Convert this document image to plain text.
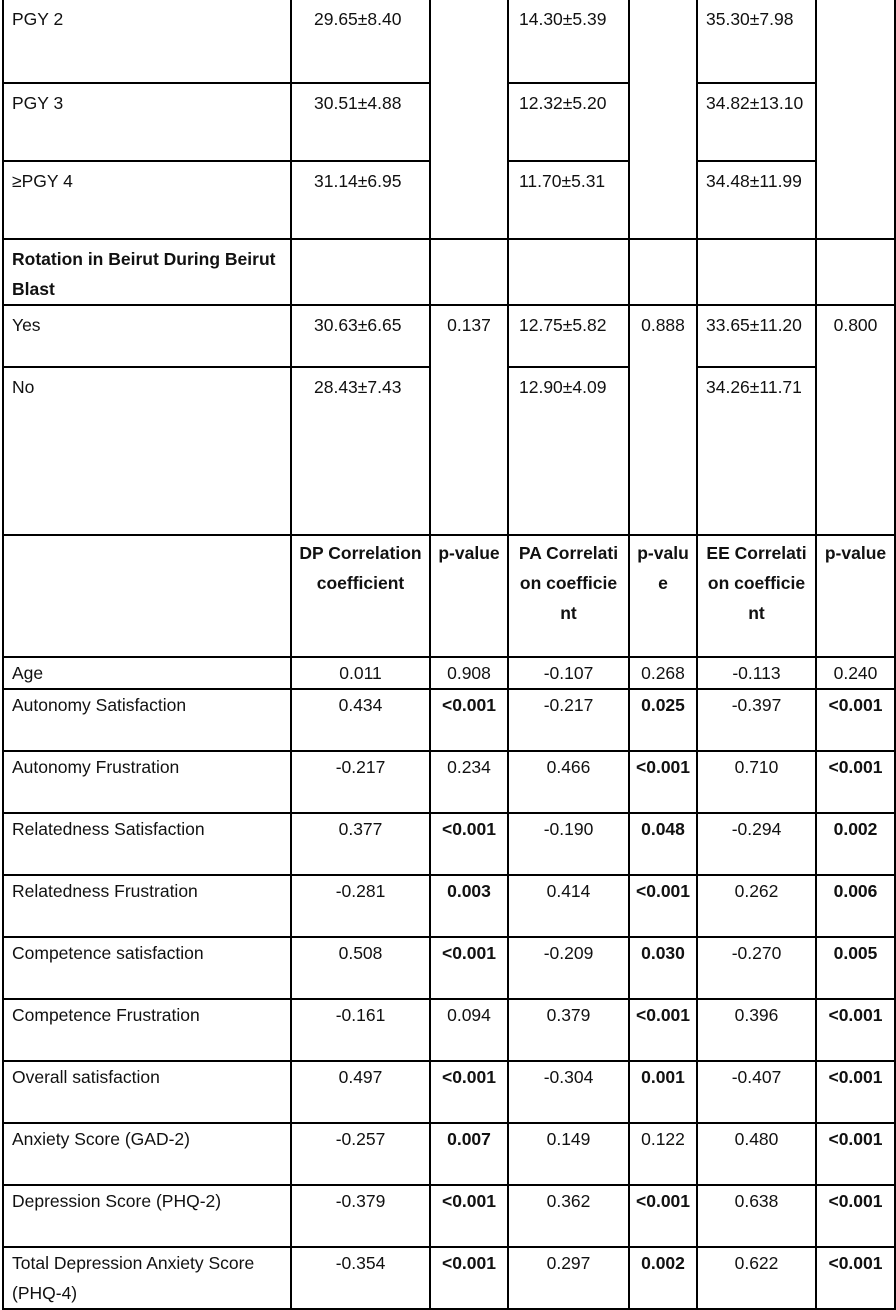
PGY 2	29.65±8.40		14.30±5.39		35.30±7.98	
PGY 3	30.51±4.88		12.32±5.20		34.82±13.10	
≥PGY 4	31.14±6.95		11.70±5.31		34.48±11.99	
Rotation in Beirut During Beirut Blast						
Yes	30.63±6.65	0.137	12.75±5.82	0.888	33.65±11.20	0.800
No	28.43±7.43		12.90±4.09		34.26±11.71	
	DP Correlation coefficient	p-value	PA Correlation coefficient	p-value	EE Correlation coefficient	p-value
Age	0.011	0.908	-0.107	0.268	-0.113	0.240
Autonomy Satisfaction	0.434	<0.001	-0.217	0.025	-0.397	<0.001
Autonomy Frustration	-0.217	0.234	0.466	<0.001	0.710	<0.001
Relatedness Satisfaction	0.377	<0.001	-0.190	0.048	-0.294	0.002
Relatedness Frustration	-0.281	0.003	0.414	<0.001	0.262	0.006
Competence satisfaction	0.508	<0.001	-0.209	0.030	-0.270	0.005
Competence Frustration	-0.161	0.094	0.379	<0.001	0.396	<0.001
Overall satisfaction	0.497	<0.001	-0.304	0.001	-0.407	<0.001
Anxiety Score (GAD-2)	-0.257	0.007	0.149	0.122	0.480	<0.001
Depression Score (PHQ-2)	-0.379	<0.001	0.362	<0.001	0.638	<0.001
Total Depression Anxiety Score (PHQ-4)	-0.354	<0.001	0.297	0.002	0.622	<0.001
